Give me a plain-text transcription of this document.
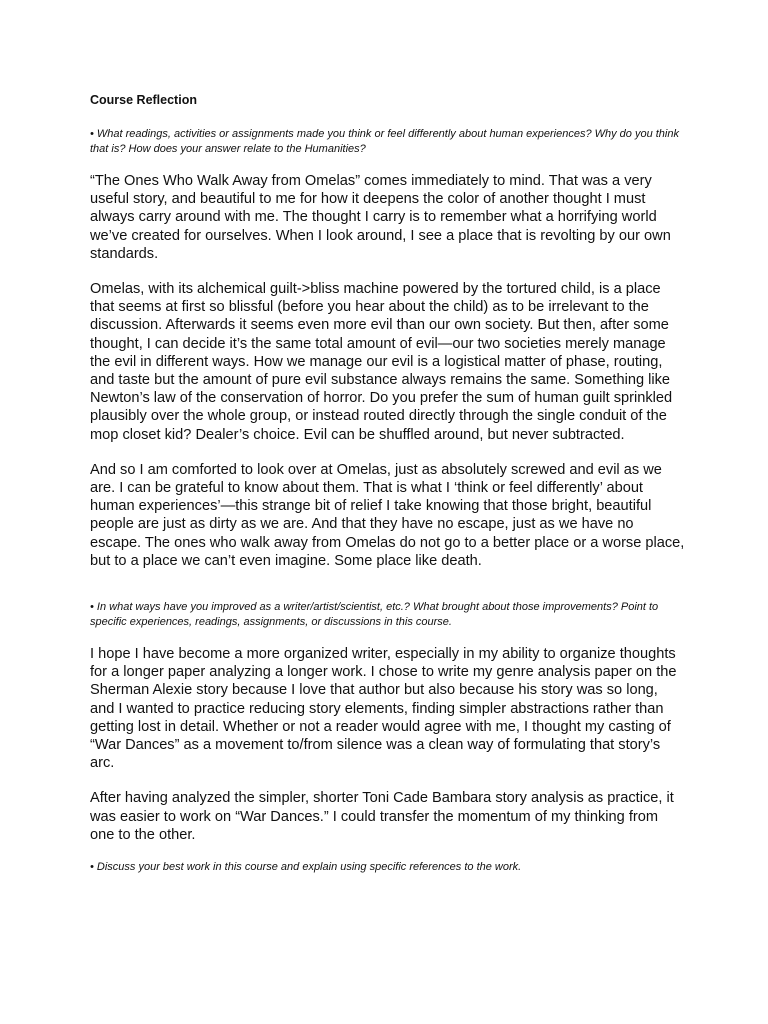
Course Reflection

• What readings, activities or assignments made you think or feel differently about human experiences? Why do you think that is? How does your answer relate to the Humanities?

“The Ones Who Walk Away from Omelas” comes immediately to mind. That was a very useful story, and beautiful to me for how it deepens the color of another thought I must always carry around with me. The thought I carry is to remember what a horrifying world we’ve created for ourselves. When I look around, I see a place that is revolting by our own standards.

Omelas, with its alchemical guilt->bliss machine powered by the tortured child, is a place that seems at first so blissful (before you hear about the child) as to be irrelevant to the discussion. Afterwards it seems even more evil than our own society. But then, after some thought, I can decide it’s the same total amount of evil—our two societies merely manage the evil in different ways. How we manage our evil is a logistical matter of phase, routing, and taste but the amount of pure evil substance always remains the same. Something like Newton’s law of the conservation of horror. Do you prefer the sum of human guilt sprinkled plausibly over the whole group, or instead routed directly through the single conduit of the mop closet kid? Dealer’s choice. Evil can be shuffled around, but never subtracted.

And so I am comforted to look over at Omelas, just as absolutely screwed and evil as we are. I can be grateful to know about them. That is what I ‘think or feel differently’ about human experiences’—this strange bit of relief I take knowing that those bright, beautiful people are just as dirty as we are. And that they have no escape, just as we have no escape. The ones who walk away from Omelas do not go to a better place or a worse place, but to a place we can’t even imagine. Some place like death.

• In what ways have you improved as a writer/artist/scientist, etc.? What brought about those improvements? Point to specific experiences, readings, assignments, or discussions in this course.

I hope I have become a more organized writer, especially in my ability to organize thoughts for a longer paper analyzing a longer work. I chose to write my genre analysis paper on the Sherman Alexie story because I love that author but also because his story was so long, and I wanted to practice reducing story elements, finding simpler abstractions rather than getting lost in detail. Whether or not a reader would agree with me, I thought my casting of “War Dances” as a movement to/from silence was a clean way of formulating that story’s arc.

After having analyzed the simpler, shorter Toni Cade Bambara story analysis as practice, it was easier to work on “War Dances.” I could transfer the momentum of my thinking from one to the other.

• Discuss your best work in this course and explain using specific references to the work.
